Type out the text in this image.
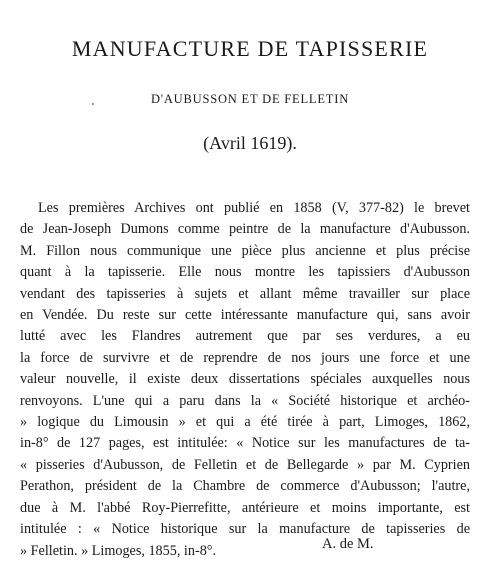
MANUFACTURE DE TAPISSERIE
D'AUBUSSON ET DE FELLETIN
(Avril 1619).
Les premières Archives ont publié en 1858 (V, 377-82) le brevet
de Jean-Joseph Dumons comme peintre de la manufacture d'Aubusson.
M. Fillon nous communique une pièce plus ancienne et plus précise
quant à la tapisserie. Elle nous montre les tapissiers d'Aubusson
vendant des tapisseries à sujets et allant même travailler sur place
en Vendée. Du reste sur cette intéressante manufacture qui, sans avoir
lutté avec les Flandres autrement que par ses verdures, a eu
la force de survivre et de reprendre de nos jours une force et une
valeur nouvelle, il existe deux dissertations spéciales auxquelles nous
renvoyons. L'une qui a paru dans la « Société historique et archéo-
» logique du Limousin » et qui a été tirée à part, Limoges, 1862,
in-8° de 127 pages, est intitulée: « Notice sur les manufactures de ta-
« pisseries d'Aubusson, de Felletin et de Bellegarde » par M. Cyprien
Perathon, président de la Chambre de commerce d'Aubusson; l'autre,
due à M. l'abbé Roy-Pierrefitte, antérieure et moins importante, est
intitulée : « Notice historique sur la manufacture de tapisseries de
» Felletin. » Limoges, 1855, in-8°.	A. de M.
